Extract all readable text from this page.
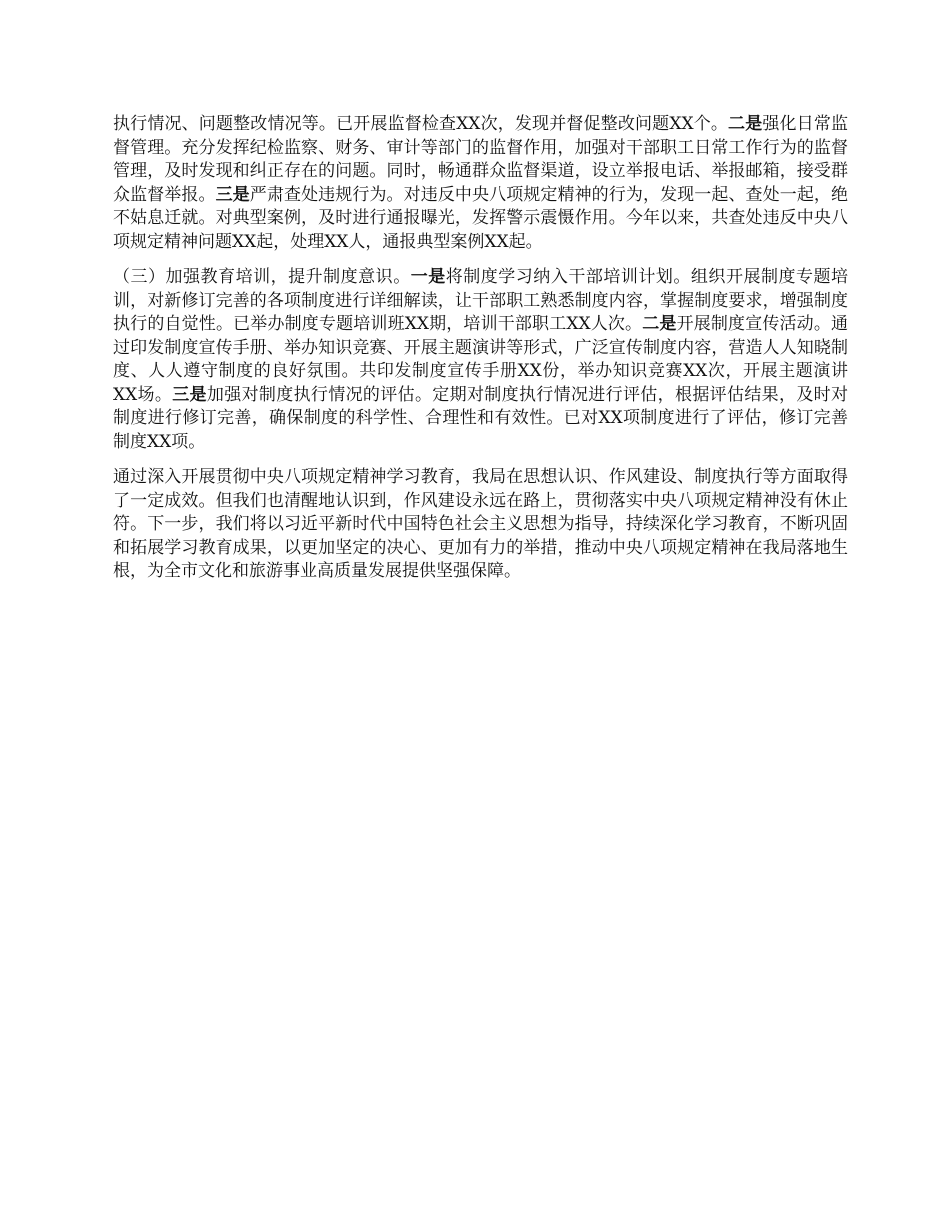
执行情况、问题整改情况等。已开展监督检查XX次，发现并督促整改问题XX个。二是强化日常监督管理。充分发挥纪检监察、财务、审计等部门的监督作用，加强对干部职工日常工作行为的监督管理，及时发现和纠正存在的问题。同时，畅通群众监督渠道，设立举报电话、举报邮箱，接受群众监督举报。三是严肃查处违规行为。对违反中央八项规定精神的行为，发现一起、查处一起，绝不姑息迁就。对典型案例，及时进行通报曝光，发挥警示震慑作用。今年以来，共查处违反中央八项规定精神问题XX起，处理XX人，通报典型案例XX起。

（三）加强教育培训，提升制度意识。一是将制度学习纳入干部培训计划。组织开展制度专题培训，对新修订完善的各项制度进行详细解读，让干部职工熟悉制度内容，掌握制度要求，增强制度执行的自觉性。已举办制度专题培训班XX期，培训干部职工XX人次。二是开展制度宣传活动。通过印发制度宣传手册、举办知识竞赛、开展主题演讲等形式，广泛宣传制度内容，营造人人知晓制度、人人遵守制度的良好氛围。共印发制度宣传手册XX份，举办知识竞赛XX次，开展主题演讲XX场。三是加强对制度执行情况的评估。定期对制度执行情况进行评估，根据评估结果，及时对制度进行修订完善，确保制度的科学性、合理性和有效性。已对XX项制度进行了评估，修订完善制度XX项。

通过深入开展贯彻中央八项规定精神学习教育，我局在思想认识、作风建设、制度执行等方面取得了一定成效。但我们也清醒地认识到，作风建设永远在路上，贯彻落实中央八项规定精神没有休止符。下一步，我们将以习近平新时代中国特色社会主义思想为指导，持续深化学习教育，不断巩固和拓展学习教育成果，以更加坚定的决心、更加有力的举措，推动中央八项规定精神在我局落地生根，为全市文化和旅游事业高质量发展提供坚强保障。
